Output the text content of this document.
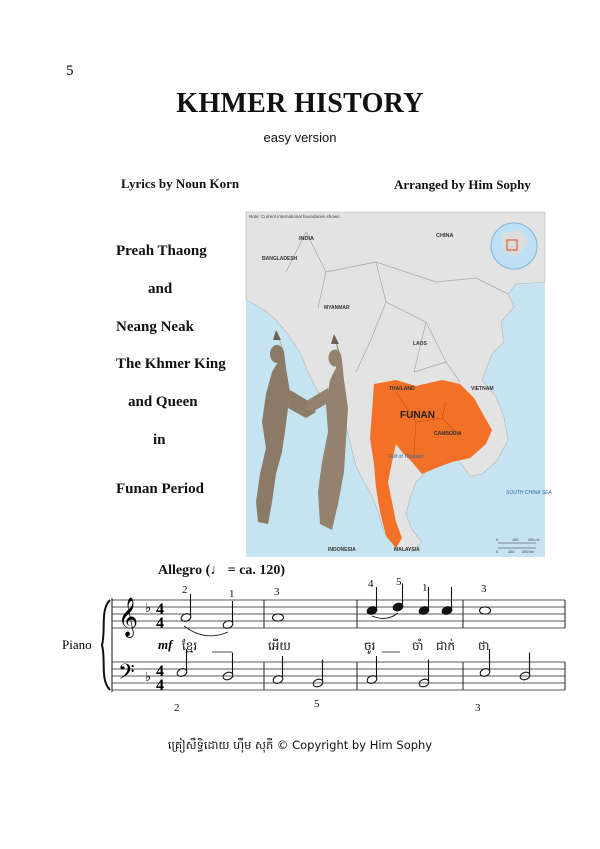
5
KHMER HISTORY
easy version
Lyrics by Noun Korn	Arranged by Him Sophy
Preah Thaong
and
Neang Neak
The Khmer King
and Queen
in
Funan Period
Note: Current international boundaries shown.
INDIA	CHINA
BANGLADESH
MYANMAR
LAOS
THAILAND	VIETNAM
FUNAN
CAMBODIA
Gulf of Thailand
SOUTH CHINA SEA
INDONESIA	MALAYSIA
0	100	200 mi
0	100 200 km
Allegro (♩ = ca. 120)
Piano
𝄞
𝄢
♭
♭
4
4
4
4
2	1	3
4 5 1	3
2	5	3
mf ខ្មែរ	អើយ	ចូរ	ចាំ ជាក់ ថា
គ្រៀសឹទ្ធិដោយ ហុឹម សុភី © Copyright by Him Sophy
